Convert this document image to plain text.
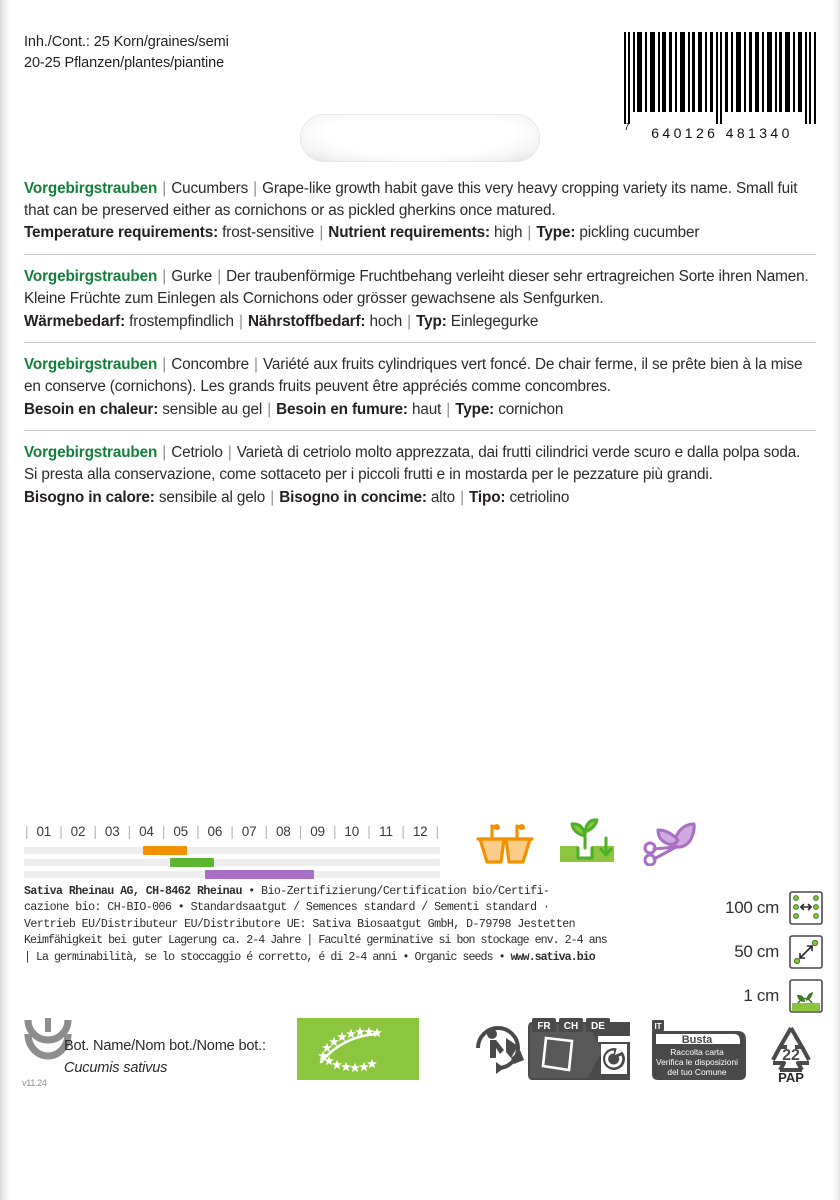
Inh./Cont.: 25 Korn/graines/semi
20-25 Pflanzen/plantes/piantine
640126 481340
7
Vorgebirgstrauben | Cucumbers | Grape-like growth habit gave this very heavy cropping variety its name. Small fuit that can be preserved either as cornichons or as pickled gherkins once matured.
Temperature requirements: frost-sensitive | Nutrient requirements: high | Type: pickling cucumber
Vorgebirgstrauben | Gurke | Der traubenförmige Fruchtbehang verleiht dieser sehr ertragreichen Sorte ihren Namen. Kleine Früchte zum Einlegen als Cornichons oder grösser gewachsene als Senfgurken.
Wärmebedarf: frostempfindlich | Nährstoffbedarf: hoch | Typ: Einlegegurke
Vorgebirgstrauben | Concombre | Variété aux fruits cylindriques vert foncé. De chair ferme, il se prête bien à la mise en conserve (cornichons). Les grands fruits peuvent être appréciés comme concombres.
Besoin en chaleur: sensible au gel | Besoin en fumure: haut | Type: cornichon
Vorgebirgstrauben | Cetriolo | Varietà di cetriolo molto apprezzata, dai frutti cilindrici verde scuro e dalla polpa soda. Si presta alla conservazione, come sottaceto per i piccoli frutti e in mostarda per le pezzature più grandi.
Bisogno in calore: sensibile al gelo | Bisogno in concime: alto | Tipo: cetriolino
| 01 | 02 | 03 | 04 | 05 | 06 | 07 | 08 | 09 | 10 | 11 | 12 |
Sativa Rheinau AG, CH-8462 Rheinau • Bio-Zertifizierung/Certification bio/Certifi-
cazione bio: CH-BIO-006 • Standardsaatgut / Semences standard / Sementi standard ·
Vertrieb EU/Distributeur EU/Distributore UE: Sativa Biosaatgut GmbH, D-79798 Jestetten
Keimfähigkeit bei guter Lagerung ca. 2-4 Jahre | Faculté germinative si bon stockage env. 2-4 ans
| La germinabilità, se lo stoccaggio é corretto, é di 2-4 anni • Organic seeds • www.sativa.bio
100 cm
50 cm
1 cm
v11.24
Bot. Name/Nom bot./Nome bot.:
Cucumis sativus
FR CH DE	IT
Busta
Raccolta carta
Verifica le disposizioni
del tuo Comune
22
PAP
